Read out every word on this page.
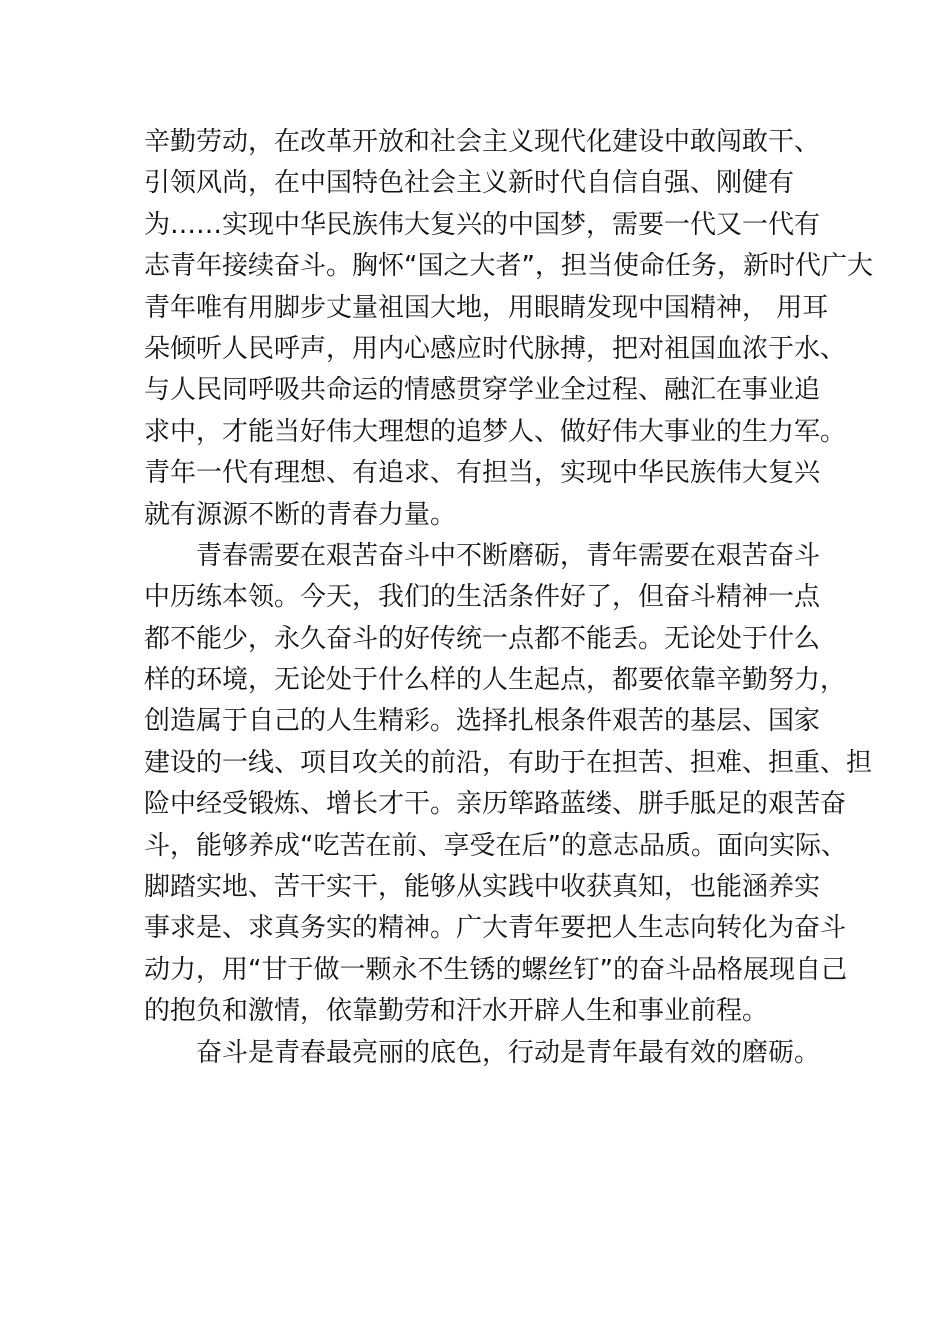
辛勤劳动，在改革开放和社会主义现代化建设中敢闯敢干、
引领风尚，在中国特色社会主义新时代自信自强、刚健有
为……实现中华民族伟大复兴的中国梦，需要一代又一代有
志青年接续奋斗。胸怀“国之大者”，担当使命任务，新时代广大
青年唯有用脚步丈量祖国大地，用眼睛发现中国精神， 用耳
朵倾听人民呼声，用内心感应时代脉搏，把对祖国血浓于水、
与人民同呼吸共命运的情感贯穿学业全过程、融汇在事业追
求中，才能当好伟大理想的追梦人、做好伟大事业的生力军。
青年一代有理想、有追求、有担当，实现中华民族伟大复兴
就有源源不断的青春力量。
青春需要在艰苦奋斗中不断磨砺，青年需要在艰苦奋斗
中历练本领。今天，我们的生活条件好了，但奋斗精神一点
都不能少，永久奋斗的好传统一点都不能丢。无论处于什么
样的环境，无论处于什么样的人生起点，都要依靠辛勤努力，
创造属于自己的人生精彩。选择扎根条件艰苦的基层、国家
建设的一线、项目攻关的前沿，有助于在担苦、担难、担重、担
险中经受锻炼、增长才干。亲历筚路蓝缕、胼手胝足的艰苦奋
斗，能够养成“吃苦在前、享受在后”的意志品质。面向实际、
脚踏实地、苦干实干，能够从实践中收获真知，也能涵养实
事求是、求真务实的精神。广大青年要把人生志向转化为奋斗
动力，用“甘于做一颗永不生锈的螺丝钉”的奋斗品格展现自己
的抱负和激情，依靠勤劳和汗水开辟人生和事业前程。
奋斗是青春最亮丽的底色，行动是青年最有效的磨砺。
